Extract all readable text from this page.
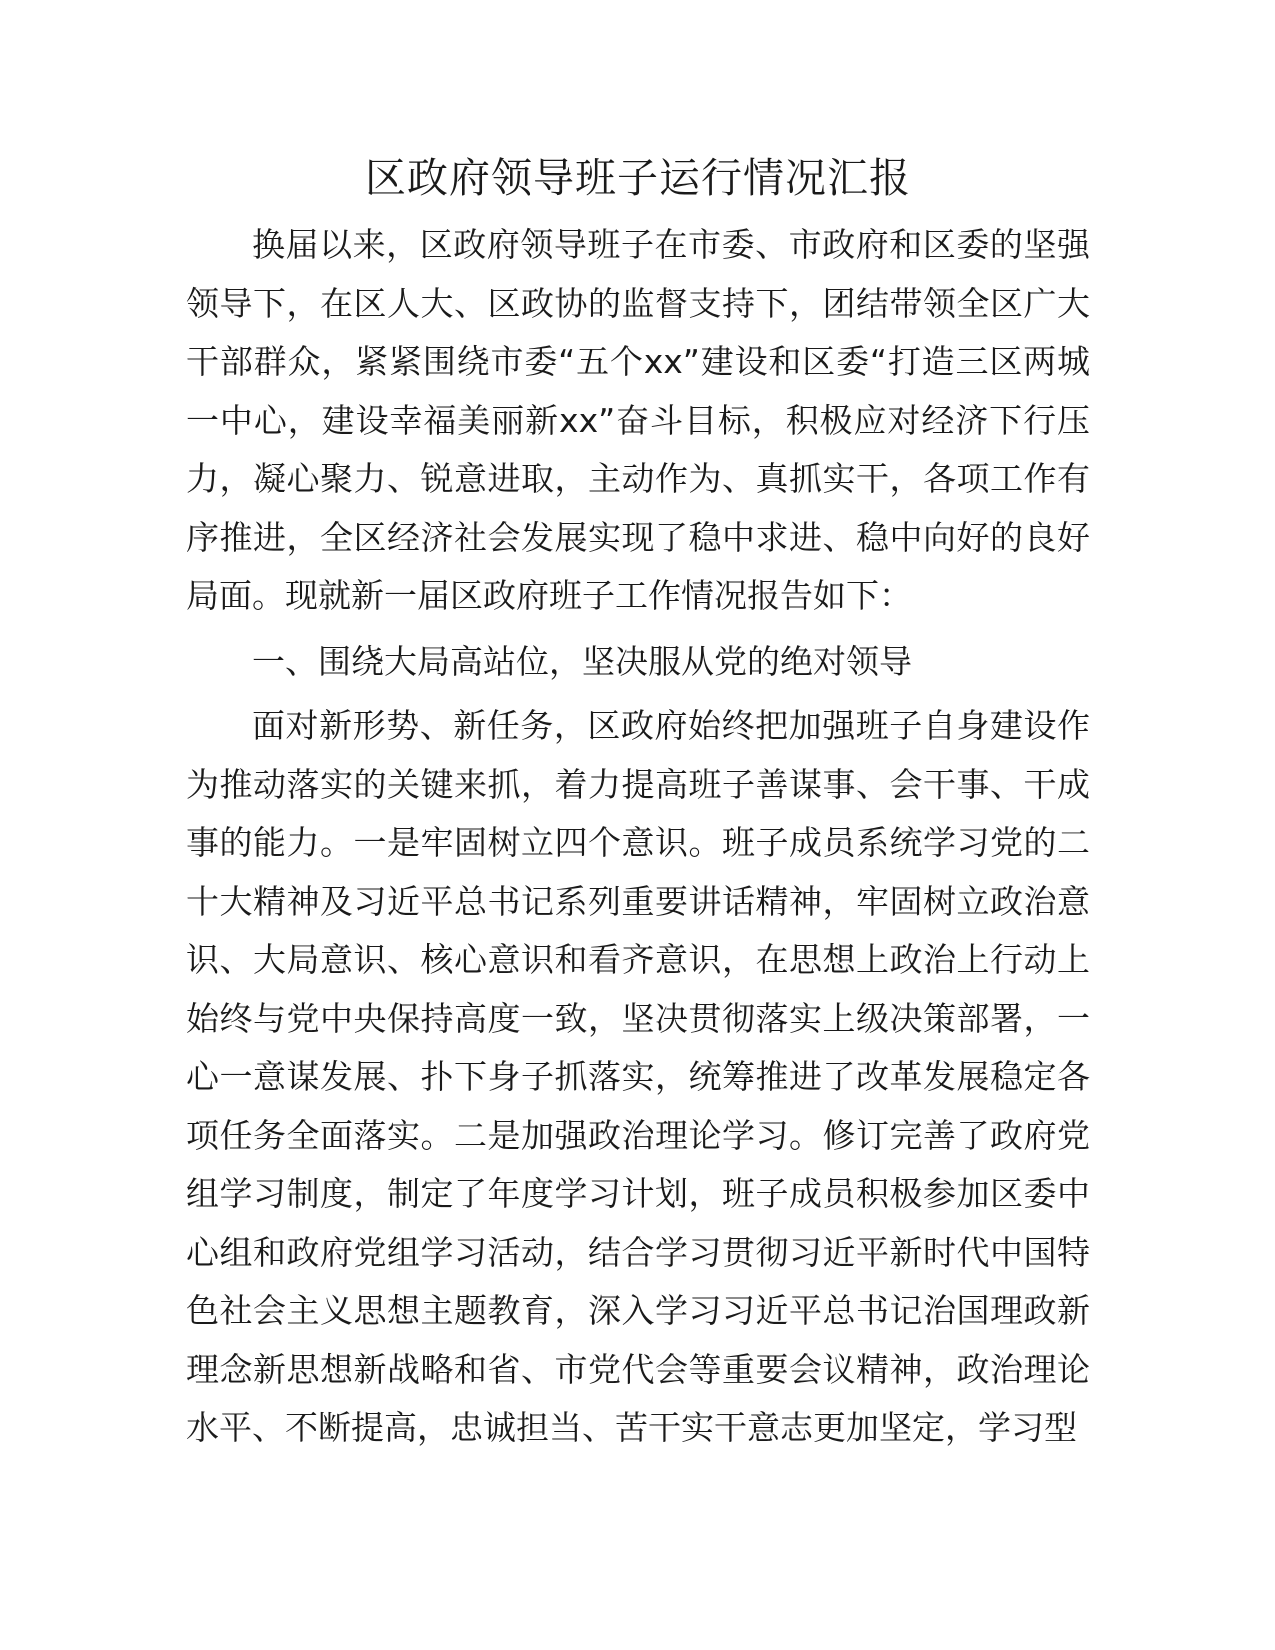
区政府领导班子运行情况汇报

换届以来，区政府领导班子在市委、市政府和区委的坚强领导下，在区人大、区政协的监督支持下，团结带领全区广大干部群众，紧紧围绕市委“五个xx”建设和区委“打造三区两城一中心，建设幸福美丽新xx”奋斗目标，积极应对经济下行压力，凝心聚力、锐意进取，主动作为、真抓实干，各项工作有序推进，全区经济社会发展实现了稳中求进、稳中向好的良好局面。现就新一届区政府班子工作情况报告如下：

一、围绕大局高站位，坚决服从党的绝对领导

面对新形势、新任务，区政府始终把加强班子自身建设作为推动落实的关键来抓，着力提高班子善谋事、会干事、干成事的能力。一是牢固树立四个意识。班子成员系统学习党的二十大精神及习近平总书记系列重要讲话精神，牢固树立政治意识、大局意识、核心意识和看齐意识，在思想上政治上行动上始终与党中央保持高度一致，坚决贯彻落实上级决策部署，一心一意谋发展、扑下身子抓落实，统筹推进了改革发展稳定各项任务全面落实。二是加强政治理论学习。修订完善了政府党组学习制度，制定了年度学习计划，班子成员积极参加区委中心组和政府党组学习活动，结合学习贯彻习近平新时代中国特色社会主义思想主题教育，深入学习习近平总书记治国理政新理念新思想新战略和省、市党代会等重要会议精神，政治理论水平、不断提高，忠诚担当、苦干实干意志更加坚定，学习型
